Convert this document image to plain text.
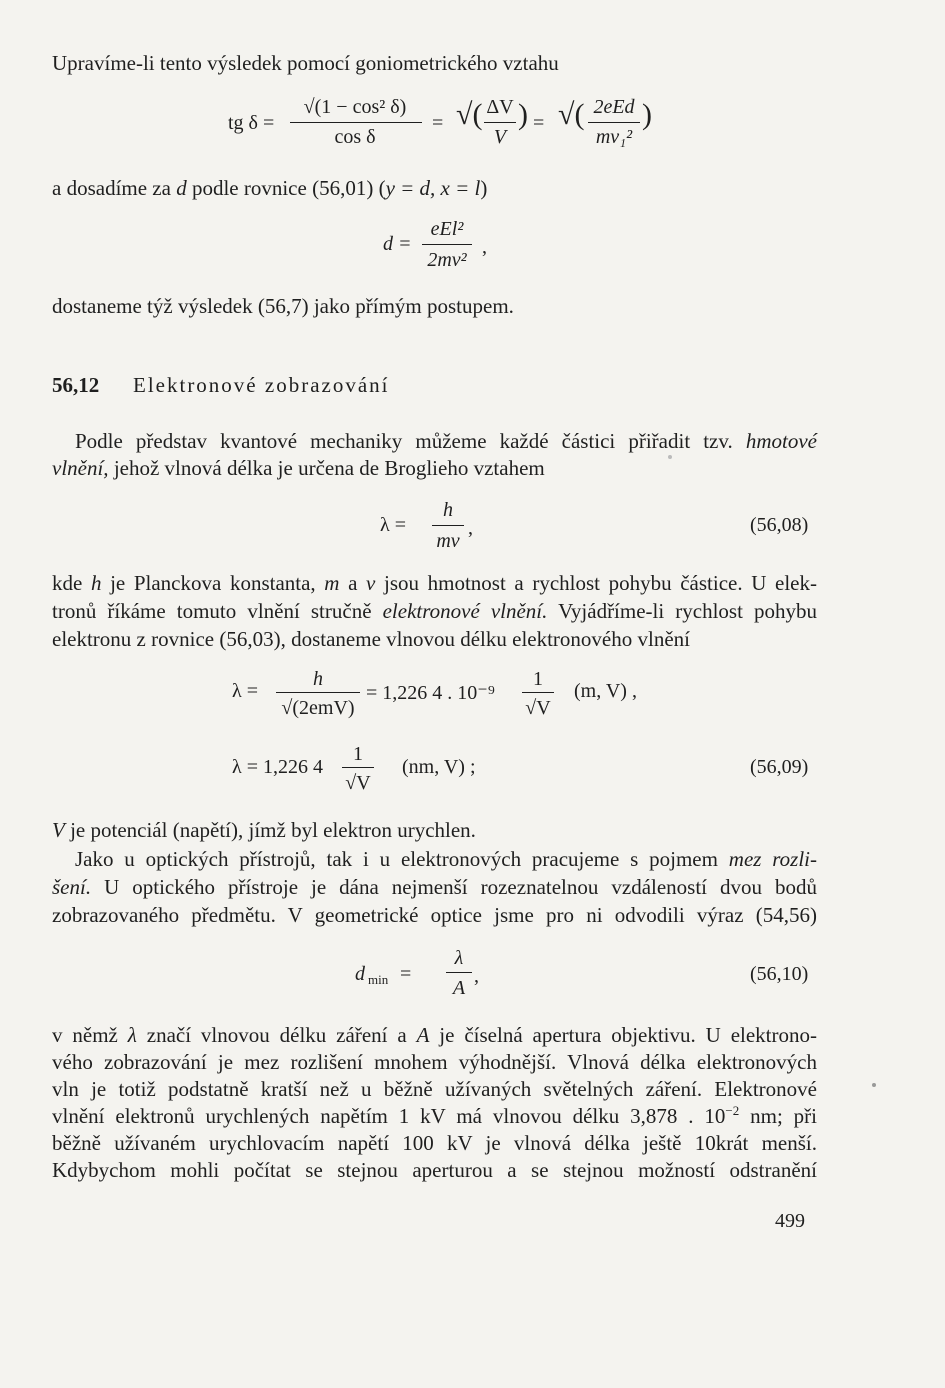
Upravíme-li tento výsledek pomocí goniometrického vztahu
tg δ =
√(1 − cos² δ)
cos δ
= √( ΔV
V
) = √( 2eEd
mv₁²
)
a dosadíme za d podle rovnice (56,01) (y = d, x = l)
d =
eEl²
2mv²
,
dostaneme týž výsledek (56,7) jako přímým postupem.
56,12 Elektronové zobrazování
Podle představ kvantové mechaniky můžeme každé částici přiřadit tzv. hmotové
vlnění, jehož vlnová délka je určena de Broglieho vztahem
λ =
h
mv
,	(56,08)
kde h je Planckova konstanta, m a v jsou hmotnost a rychlost pohybu částice. U elek-
tronů říkáme tomuto vlnění stručně elektronové vlnění. Vyjádříme-li rychlost pohybu
elektronu z rovnice (56,03), dostaneme vlnovou délku elektronového vlnění
λ =
h
√(2emV)
= 1,226 4 . 10⁻⁹
1
√V
(m, V) ,
λ = 1,226 4
1
√V
(nm, V) ;	(56,09)
V je potenciál (napětí), jímž byl elektron urychlen.
Jako u optických přístrojů, tak i u elektronových pracujeme s pojmem mez rozli-
šení. U optického přístroje je dána nejmenší rozeznatelnou vzdáleností dvou bodů
zobrazovaného předmětu. V geometrické optice jsme pro ni odvodili výraz (54,56)
d min =
λ
A
,	(56,10)
v němž λ značí vlnovou délku záření a A je číselná apertura objektivu. U elektrono-
vého zobrazování je mez rozlišení mnohem výhodnější. Vlnová délka elektronových
vln je totiž podstatně kratší než u běžně užívaných světelných záření. Elektronové
vlnění elektronů urychlených napětím 1 kV má vlnovou délku 3,878 . $10^{-2}$ nm; při
běžně užívaném urychlovacím napětí 100 kV je vlnová délka ještě 10krát menší.
Kdybychom mohli počítat se stejnou aperturou a se stejnou možností odstranění
499
